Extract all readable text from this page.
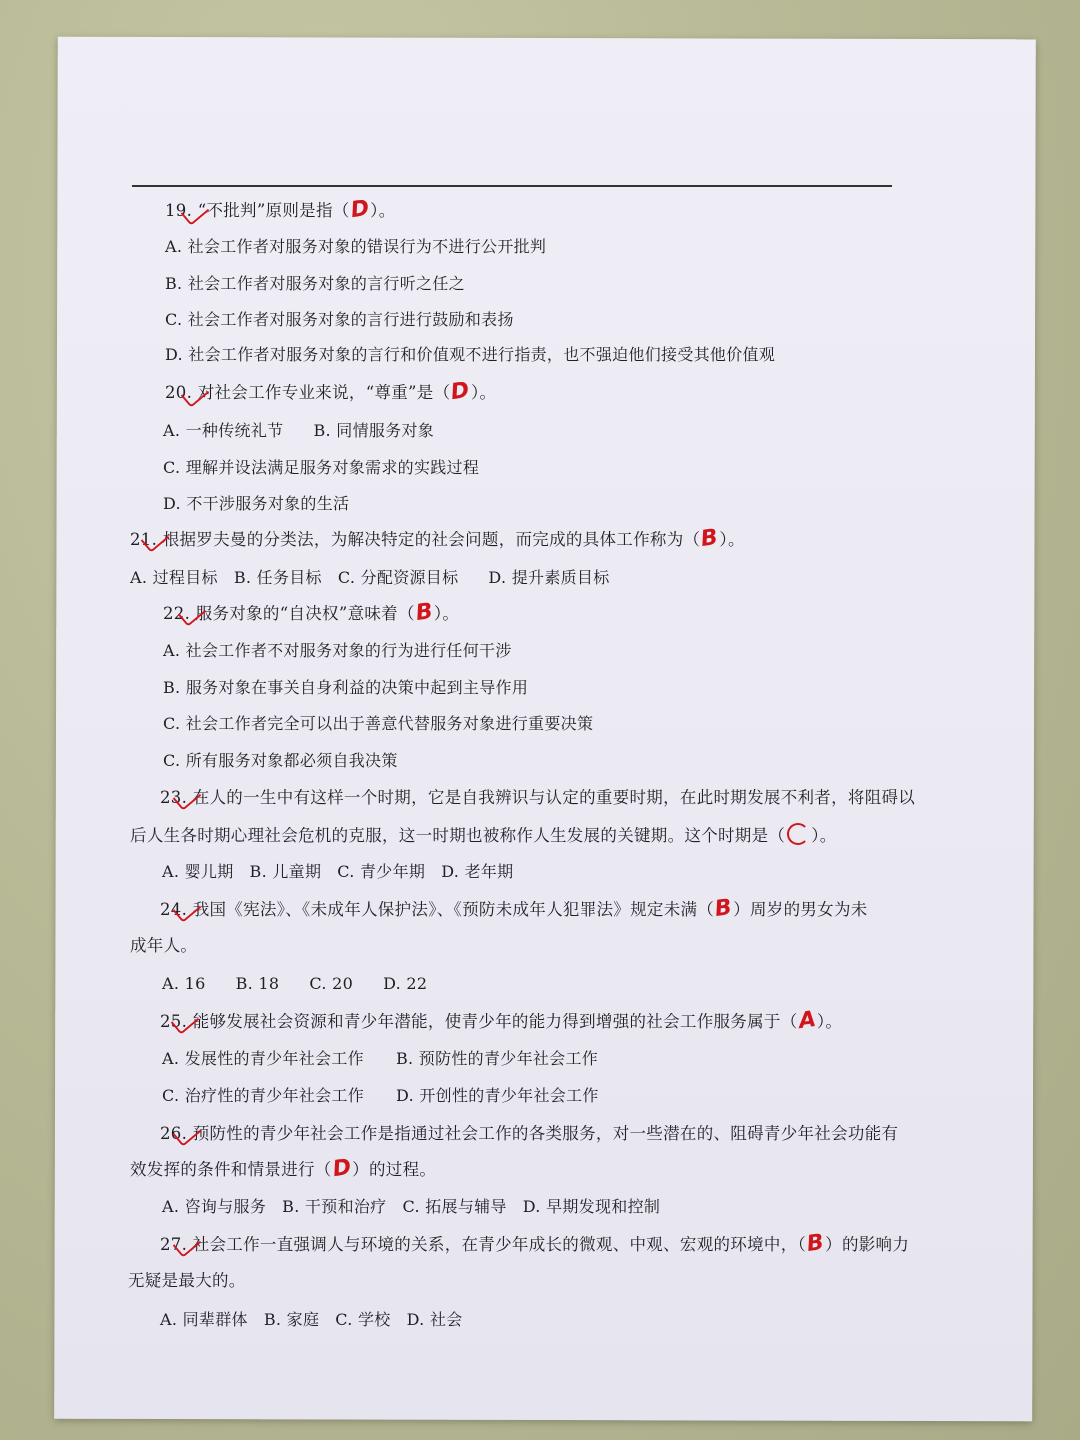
19. “不批判”原则是指（D）。
A. 社会工作者对服务对象的错误行为不进行公开批判
B. 社会工作者对服务对象的言行听之任之
C. 社会工作者对服务对象的言行进行鼓励和表扬
D. 社会工作者对服务对象的言行和价值观不进行指责，也不强迫他们接受其他价值观
20. 对社会工作专业来说，“尊重”是（D）。
A. 一种传统礼节 B. 同情服务对象
C. 理解并设法满足服务对象需求的实践过程
D. 不干涉服务对象的生活
21. 根据罗夫曼的分类法，为解决特定的社会问题，而完成的具体工作称为（B）。
A. 过程目标 B. 任务目标 C. 分配资源目标 D. 提升素质目标
22. 服务对象的“自决权”意味着（B）。
A. 社会工作者不对服务对象的行为进行任何干涉
B. 服务对象在事关自身利益的决策中起到主导作用
C. 社会工作者完全可以出于善意代替服务对象进行重要决策
C. 所有服务对象都必须自我决策
23. 在人的一生中有这样一个时期，它是自我辨识与认定的重要时期，在此时期发展不利者，将阻碍以
后人生各时期心理社会危机的克服，这一时期也被称作人生发展的关键期。这个时期是（ ）。
A. 婴儿期 B. 儿童期 C. 青少年期 D. 老年期
24. 我国《宪法》、《未成年人保护法》、《预防未成年人犯罪法》规定未满（B）周岁的男女为未
成年人。
A. 16 B. 18 C. 20 D. 22
25. 能够发展社会资源和青少年潜能，使青少年的能力得到增强的社会工作服务属于（A）。
A. 发展性的青少年社会工作 B. 预防性的青少年社会工作
C. 治疗性的青少年社会工作 D. 开创性的青少年社会工作
26. 预防性的青少年社会工作是指通过社会工作的各类服务，对一些潜在的、阻碍青少年社会功能有
效发挥的条件和情景进行（D）的过程。
A. 咨询与服务 B. 干预和治疗 C. 拓展与辅导 D. 早期发现和控制
27. 社会工作一直强调人与环境的关系，在青少年成长的微观、中观、宏观的环境中，（B）的影响力
无疑是最大的。
A. 同辈群体 B. 家庭 C. 学校 D. 社会
